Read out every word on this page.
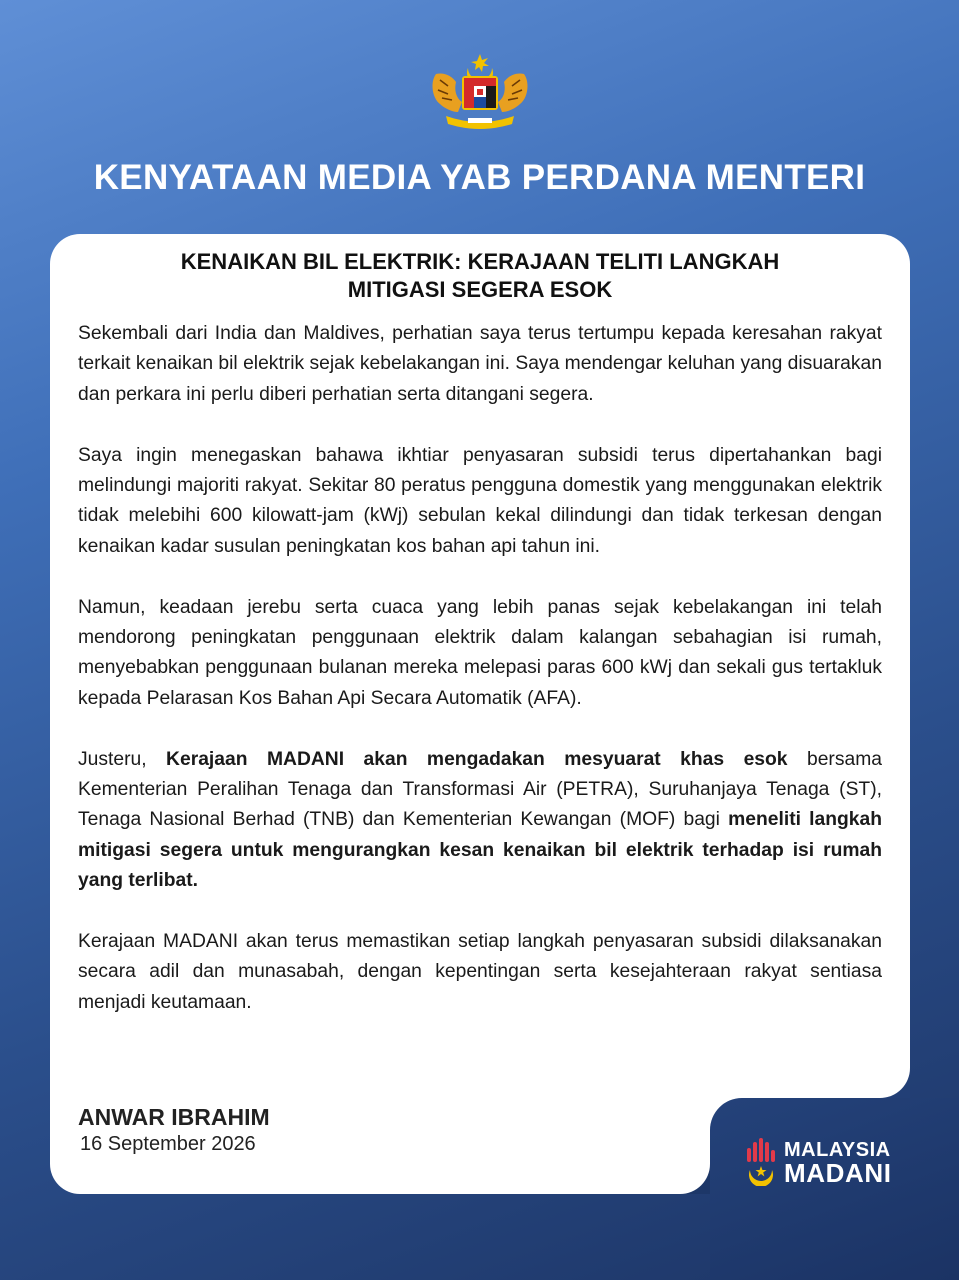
KENYATAAN MEDIA YAB PERDANA MENTERI
KENAIKAN BIL ELEKTRIK: KERAJAAN TELITI LANGKAH
MITIGASI SEGERA ESOK

Sekembali dari India dan Maldives, perhatian saya terus tertumpu kepada keresahan rakyat terkait kenaikan bil elektrik sejak kebelakangan ini. Saya mendengar keluhan yang disuarakan dan perkara ini perlu diberi perhatian serta ditangani segera.

Saya ingin menegaskan bahawa ikhtiar penyasaran subsidi terus dipertahankan bagi melindungi majoriti rakyat. Sekitar 80 peratus pengguna domestik yang menggunakan elektrik tidak melebihi 600 kilowatt-jam (kWj) sebulan kekal dilindungi dan tidak terkesan dengan kenaikan kadar susulan peningkatan kos bahan api tahun ini.

Namun, keadaan jerebu serta cuaca yang lebih panas sejak kebelakangan ini telah mendorong peningkatan penggunaan elektrik dalam kalangan sebahagian isi rumah, menyebabkan penggunaan bulanan mereka melepasi paras 600 kWj dan sekali gus tertakluk kepada Pelarasan Kos Bahan Api Secara Automatik (AFA).

Justeru, Kerajaan MADANI akan mengadakan mesyuarat khas esok bersama Kementerian Peralihan Tenaga dan Transformasi Air (PETRA), Suruhanjaya Tenaga (ST), Tenaga Nasional Berhad (TNB) dan Kementerian Kewangan (MOF) bagi meneliti langkah mitigasi segera untuk mengurangkan kesan kenaikan bil elektrik terhadap isi rumah yang terlibat.

Kerajaan MADANI akan terus memastikan setiap langkah penyasaran subsidi dilaksanakan secara adil dan munasabah, dengan kepentingan serta kesejahteraan rakyat sentiasa menjadi keutamaan.

ANWAR IBRAHIM
16 September 2026	MALAYSIA
MADANI
